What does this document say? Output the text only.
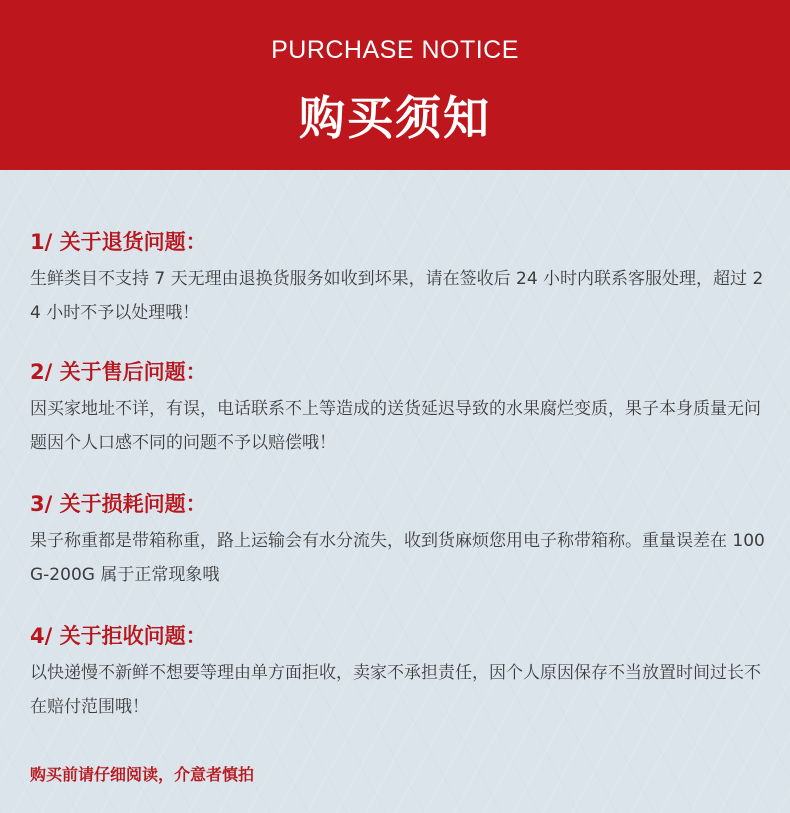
PURCHASE NOTICE
购买须知
1/ 关于退货问题：
生鲜类目不支持 7 天无理由退换货服务如收到坏果，请在签收后 24 小时内联系客服处理，超过 24 小时不予以处理哦！
2/ 关于售后问题：
因买家地址不详，有误，电话联系不上等造成的送货延迟导致的水果腐烂变质，果子本身质量无问题因个人口感不同的问题不予以赔偿哦！
3/ 关于损耗问题：
果子称重都是带箱称重，路上运输会有水分流失，收到货麻烦您用电子称带箱称。重量误差在 100G-200G 属于正常现象哦
4/ 关于拒收问题：
以快递慢不新鲜不想要等理由单方面拒收，卖家不承担责任，因个人原因保存不当放置时间过长不在赔付范围哦！
购买前请仔细阅读，介意者慎拍
